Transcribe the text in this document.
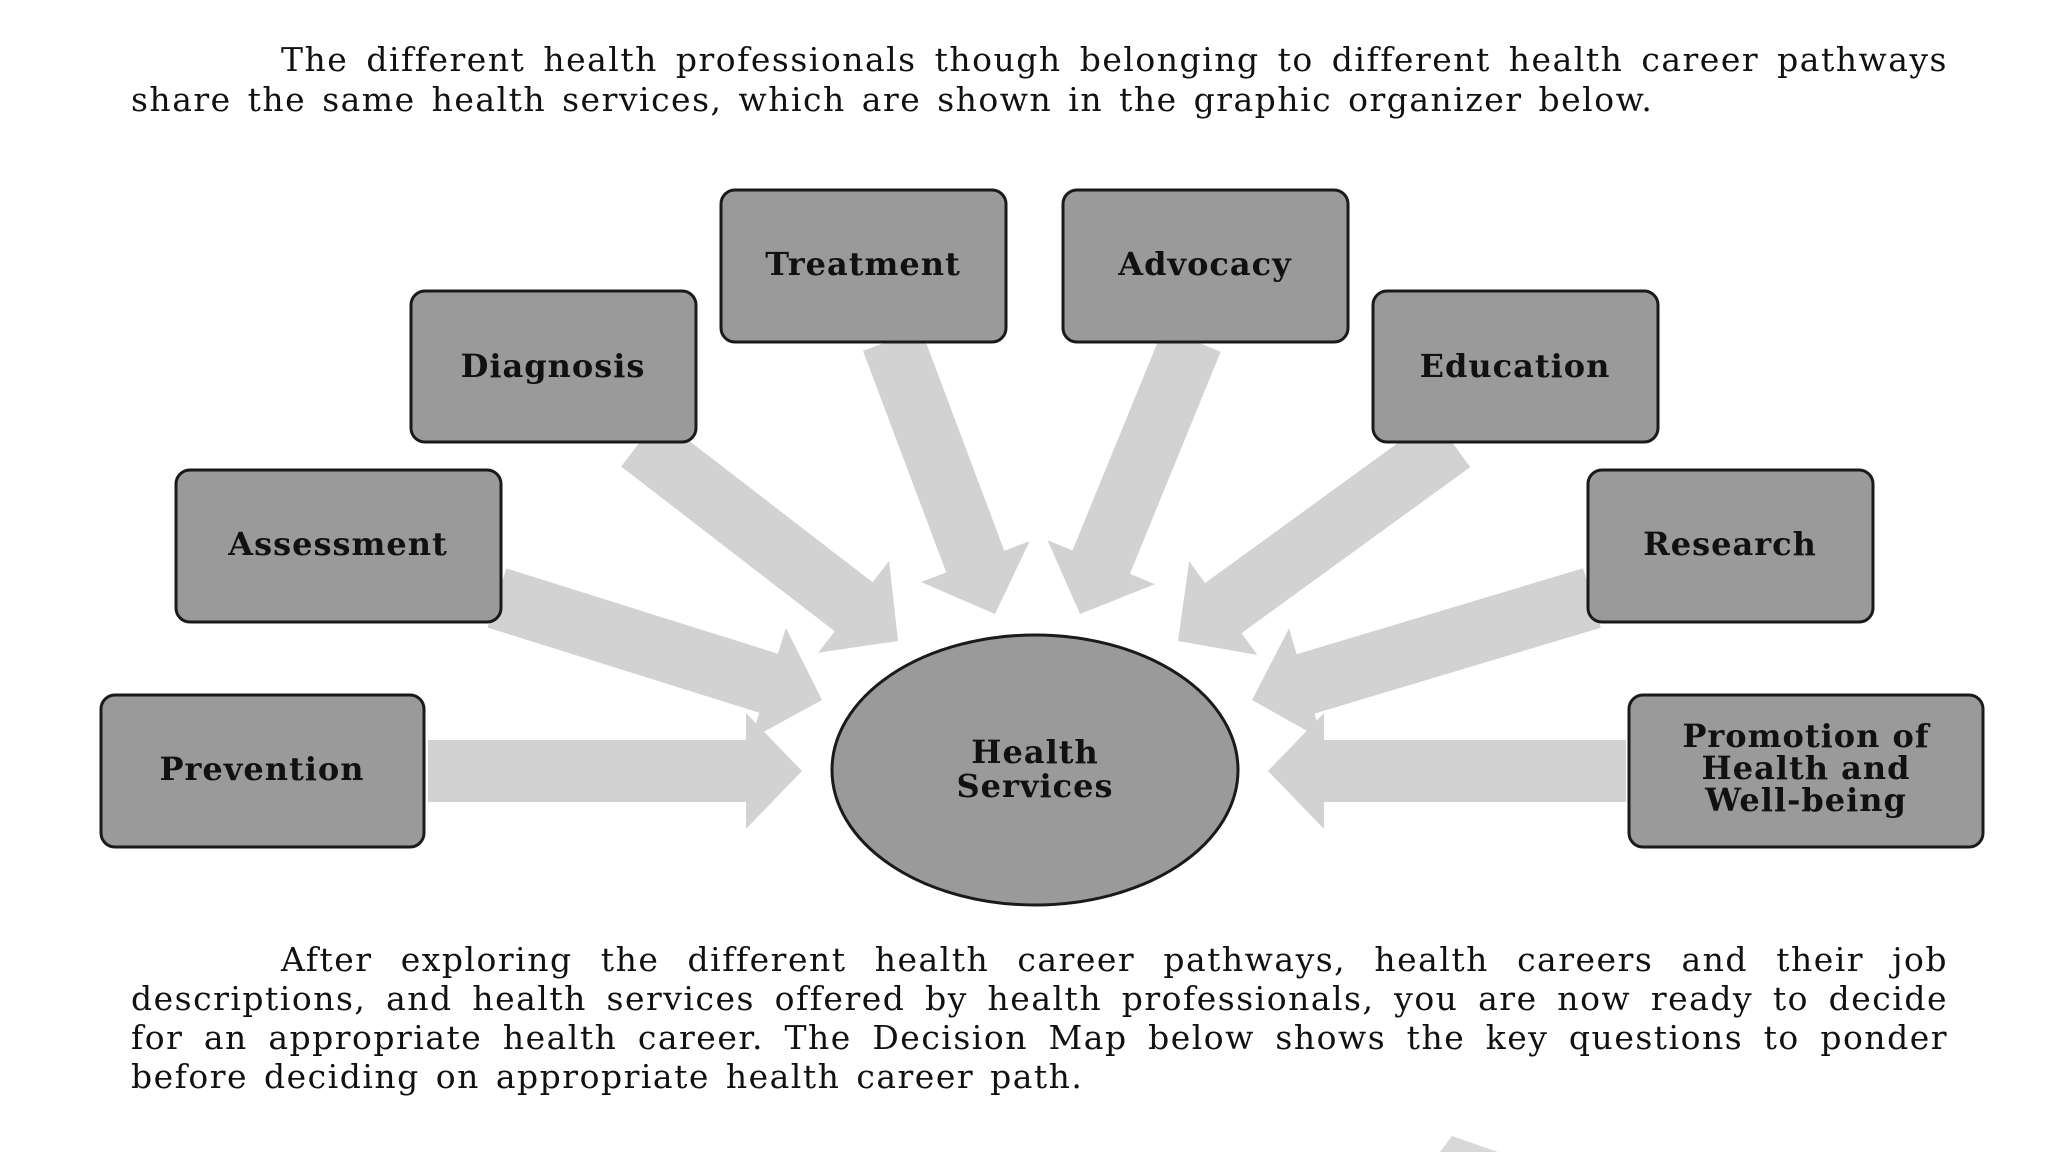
The different health professionals though belonging to different health career pathways share the same health services, which are shown in the graphic organizer below.

Health
Services
Prevention
Assessment
Diagnosis
Treatment	Advocacy
Education
Research
Promotion of
Health and
Well-being

After exploring the different health career pathways, health careers and their job descriptions, and health services offered by health professionals, you are now ready to decide for an appropriate health career. The Decision Map below shows the key questions to ponder before deciding on appropriate health career path.
